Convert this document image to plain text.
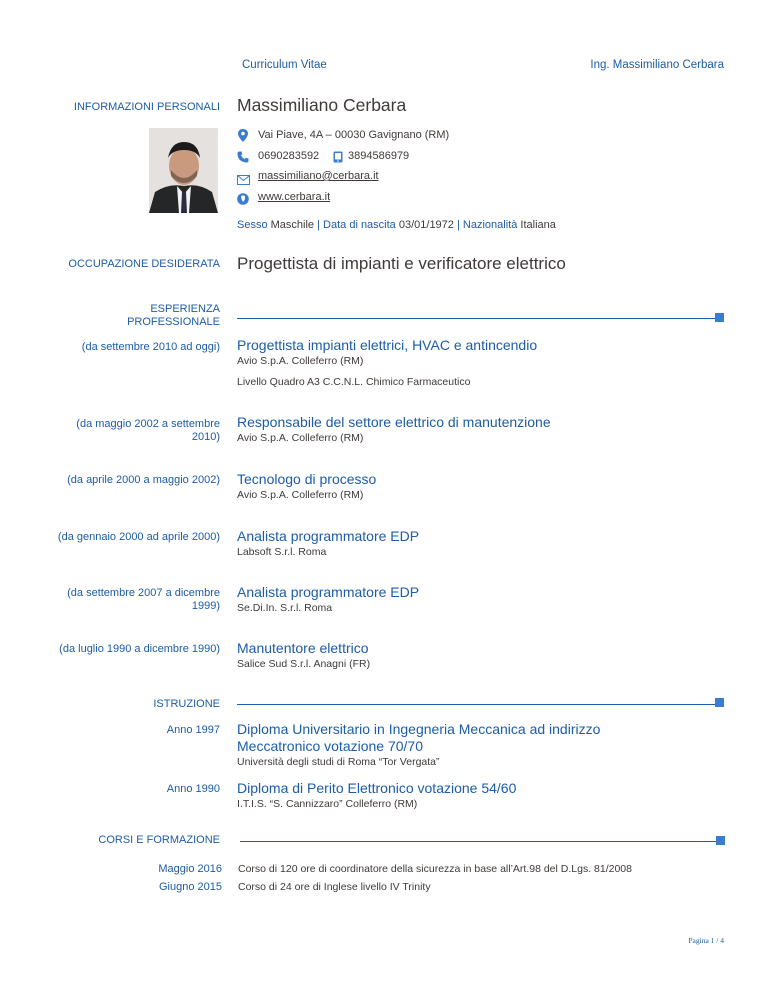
Curriculum Vitae	Ing. Massimiliano Cerbara
INFORMAZIONI PERSONALI Massimiliano Cerbara
Vai Piave, 4A – 00030 Gavignano (RM)
0690283592	3894586979
massimiliano@cerbara.it
www.cerbara.it
Sesso Maschile | Data di nascita 03/01/1972 | Nazionalità Italiana
OCCUPAZIONE DESIDERATA Progettista di impianti e verificatore elettrico
ESPERIENZA
PROFESSIONALE
(da settembre 2010 ad oggi) Progettista impianti elettrici, HVAC e antincendio
Avio S.p.A. Colleferro (RM)
Livello Quadro A3 C.C.N.L. Chimico Farmaceutico
(da maggio 2002 a settembre
2010)
Responsabile del settore elettrico di manutenzione
Avio S.p.A. Colleferro (RM)
(da aprile 2000 a maggio 2002) Tecnologo di processo
Avio S.p.A. Colleferro (RM)
(da gennaio 2000 ad aprile 2000) Analista programmatore EDP
Labsoft S.r.l. Roma
(da settembre 2007 a dicembre
1999)
Analista programmatore EDP
Se.Di.In. S.r.l. Roma
(da luglio 1990 a dicembre 1990) Manutentore elettrico
Salice Sud S.r.l. Anagni (FR)
ISTRUZIONE
Anno 1997 Diploma Universitario in Ingegneria Meccanica ad indirizzo
Meccatronico votazione 70/70
Università degli studi di Roma “Tor Vergata”
Anno 1990 Diploma di Perito Elettronico votazione 54/60
I.T.I.S. “S. Cannizzaro” Colleferro (RM)
CORSI E FORMAZIONE
Maggio 2016 Corso di 120 ore di coordinatore della sicurezza in base all’Art.98 del D.Lgs. 81/2008
Giugno 2015 Corso di 24 ore di Inglese livello IV Trinity
Pagina 1 / 4
